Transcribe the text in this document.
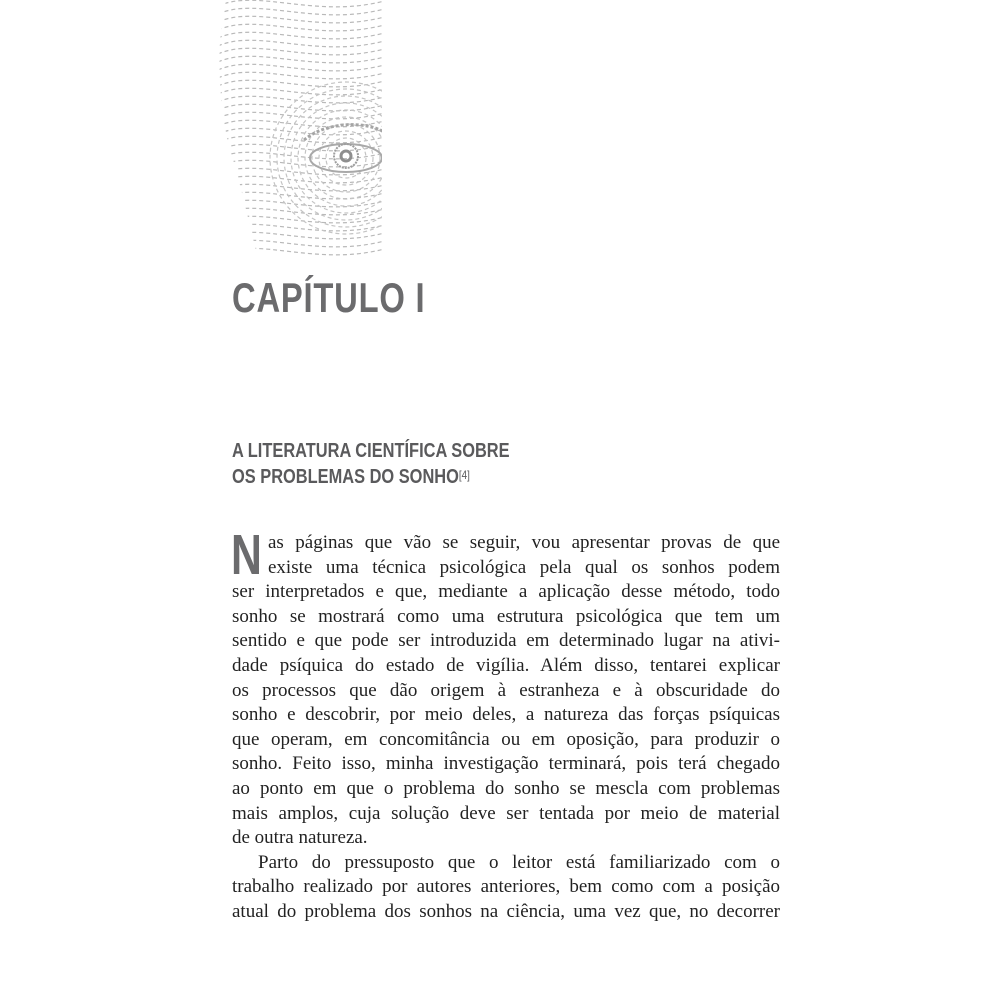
CAPÍTULO I
A LITERATURA CIENTÍFICA SOBRE
OS PROBLEMAS DO SONHO[4]
N as páginas que vão se seguir, vou apresentar provas de que
existe uma técnica psicológica pela qual os sonhos podem
ser interpretados e que, mediante a aplicação desse método, todo
sonho se mostrará como uma estrutura psicológica que tem um
sentido e que pode ser introduzida em determinado lugar na ativi-
dade psíquica do estado de vigília. Além disso, tentarei explicar
os processos que dão origem à estranheza e à obscuridade do
sonho e descobrir, por meio deles, a natureza das forças psíquicas
que operam, em concomitância ou em oposição, para produzir o
sonho. Feito isso, minha investigação terminará, pois terá chegado
ao ponto em que o problema do sonho se mescla com problemas
mais amplos, cuja solução deve ser tentada por meio de material
de outra natureza.
Parto do pressuposto que o leitor está familiarizado com o
trabalho realizado por autores anteriores, bem como com a posição
atual do problema dos sonhos na ciência, uma vez que, no decorrer
